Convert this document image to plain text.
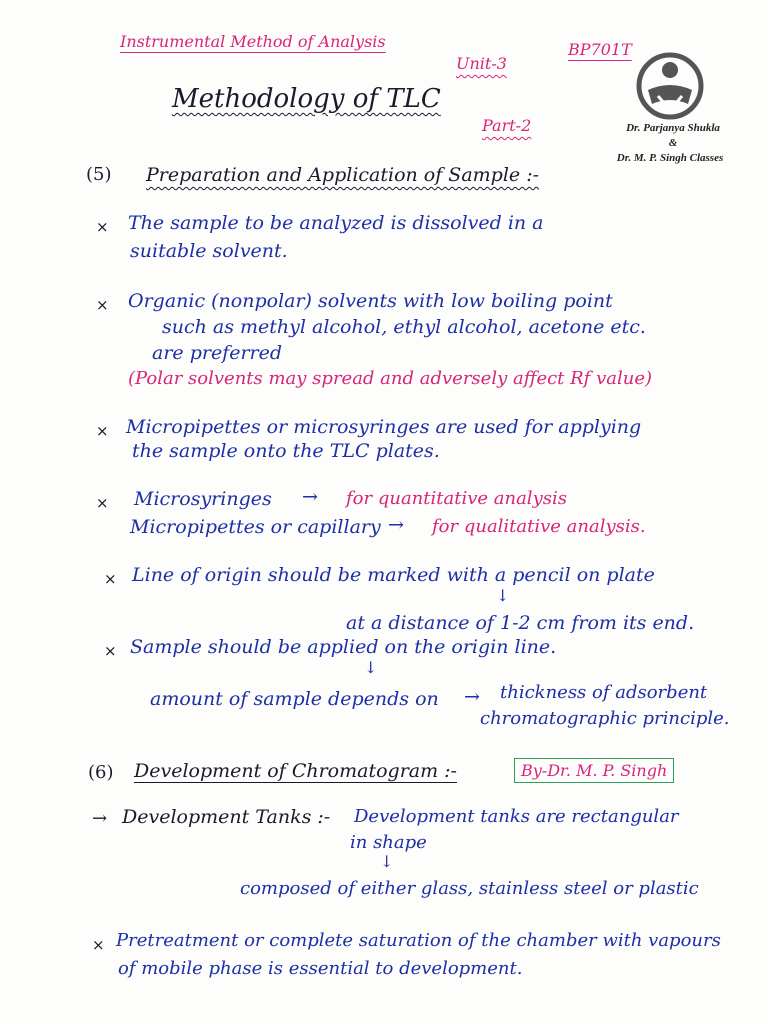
Instrumental Method of Analysis
Unit-3
BP701T
Methodology of TLC
Part-2	Dr. Parjanya Shukla
&
Dr. M. P. Singh Classes
(5) Preparation and Application of Sample :-
× The sample to be analyzed is dissolved in a
suitable solvent.
× Organic (nonpolar) solvents with low boiling point
such as methyl alcohol, ethyl alcohol, acetone etc.
are preferred
(Polar solvents may spread and adversely affect Rf value)
× Micropipettes or microsyringes are used for applying
the sample onto the TLC plates.
× Microsyringes → for quantitative analysis
Micropipettes or capillary → for qualitative analysis.
× Line of origin should be marked with a pencil on plate
↓
at a distance of 1-2 cm from its end.
× Sample should be applied on the origin line.
↓
amount of sample depends on → thickness of adsorbent
chromatographic principle.
(6) Development of Chromatogram :-	By-Dr. M. P. Singh
→ Development Tanks :- Development tanks are rectangular
in shape
↓
composed of either glass, stainless steel or plastic
× Pretreatment or complete saturation of the chamber with vapours
of mobile phase is essential to development.
